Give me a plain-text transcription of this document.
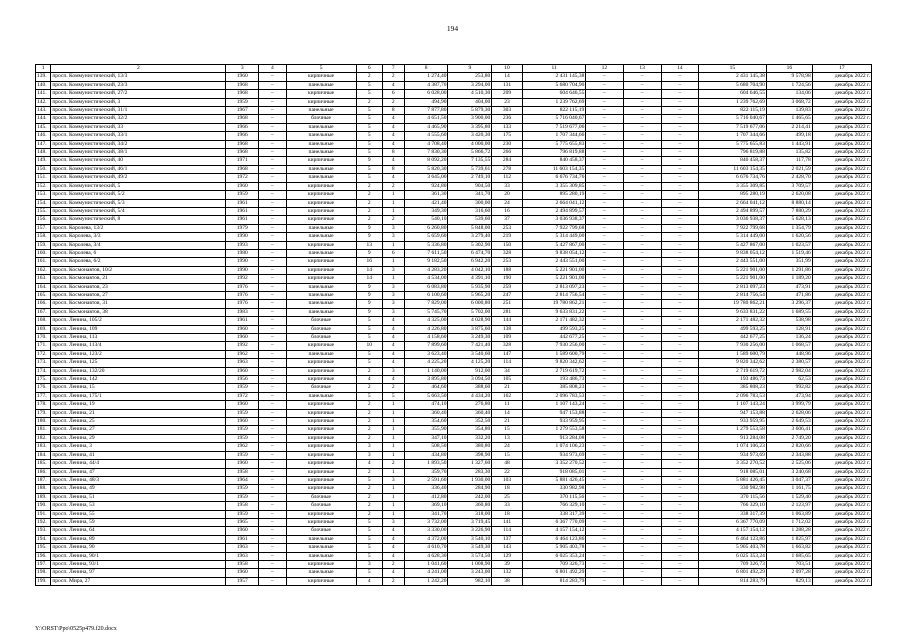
194
1	2	3	4	5	6	7	8	9	10	11	12	13	14	15	16	17
139.	просп. Коммунистический, 13/3	1960	–	кирпичные	2	2	1 274,40	253,80	14	2 431 145,38	–	–	–	2 431 145,38	9 578,98	декабрь 2022 г.
140.	просп. Коммунистический, 23/3	1968	–	панельные	5	4	4 387,70	3 294,00	131	5 680 704,90	–	–	–	5 680 704,90	1 724,56	декабрь 2022 г.
141.	просп. Коммунистический, 27/2	1968	–	кирпичные	5	6	6 028,00	4 510,30	209	604 646,55	–	–	–	604 646,55	134,06	декабрь 2022 г.
142.	просп. Коммунистический, 3	1959	–	кирпичные	2	2	494,90	404,00	23	1 239 762,69	–	–	–	1 239 762,69	3 068,72	декабрь 2022 г.
143.	просп. Коммунистический, 31/1	1967	–	панельные	5	8	7 877,80	5 879,30	303	822 115,19	–	–	–	822 115,19	139,83	декабрь 2022 г.
144.	просп. Коммунистический, 32/2	1968	–	блочные	5	4	4 651,50	3 900,00	236	5 716 040,67	–	–	–	5 716 040,67	1 465,65	декабрь 2022 г.
145.	просп. Коммунистический, 33	1966	–	панельные	5	4	4 465,90	3 395,80	133	7 519 677,06	–	–	–	7 519 677,06	2 214,41	декабрь 2022 г.
146.	просп. Коммунистический, 33/1	1966	–	панельные	5	4	4 555,60	3 420,30	175	1 707 344,66	–	–	–	1 707 344,66	499,18	декабрь 2022 г.
147.	просп. Коммунистический, 34/2	1968	–	панельные	5	4	4 708,40	4 000,00	230	5 775 655,83	–	–	–	5 775 655,83	1 443,91	декабрь 2022 г.
148.	просп. Коммунистический, 38/1	1968	–	панельные	5	8	7 830,30	5 866,72	266	796 819,88	–	–	–	796 819,88	135,82	декабрь 2022 г.
149.	просп. Коммунистический, 40	1971	–	кирпичные	9	4	8 092,20	7 135,55	284	840 458,37	–	–	–	840 458,37	117,78	декабрь 2022 г.
150.	просп. Коммунистический, 46/1	1968	–	панельные	5	8	5 820,30	5 739,61	278	11 603 154,35	–	–	–	11 603 154,35	2 021,59	декабрь 2022 г.
151.	просп. Коммунистический, 49/2	1972	–	панельные	5	4	3 645,00	2 749,10	112	6 676 734,76	–	–	–	6 676 734,76	2 428,70	декабрь 2022 г.
152.	просп. Коммунистический, 5	1960	–	кирпичные	2	2	924,80	904,50	33	3 355 309,85	–	–	–	3 355 309,85	3 709,57	декабрь 2022 г.
153.	просп. Коммунистический, 5/2	1959	–	кирпичные	2	1	361,30	341,70	20	895 280,19	–	–	–	895 280,19	2 620,08	декабрь 2022 г.
154.	просп. Коммунистический, 5/3	1961	–	кирпичные	2	1	421,40	300,00	24	2 664 041,12	–	–	–	2 664 041,12	8 880,14	декабрь 2022 г.
155.	просп. Коммунистический, 5/4	1961	–	кирпичные	2	1	349,30	316,60	16	2 494 899,57	–	–	–	2 494 899,57	7 880,29	декабрь 2022 г.
156.	просп. Коммунистический, 8	1961	–	кирпичные	2	2	540,10	539,60	37	3 036 938,37	–	–	–	3 036 938,37	5 628,13	декабрь 2022 г.
157.	просп. Королева, 13/2	1979	–	панельные	9	3	6 260,80	5 848,00	253	7 922 799,68	–	–	–	7 922 799,68	1 354,79	декабрь 2022 г.
158.	просп. Королева, 3/3	1990	–	панельные	9	3	5 659,60	3 279,40	219	5 314 449,00	–	–	–	5 314 449,00	1 620,56	декабрь 2022 г.
159.	просп. Королева, 3/4	1993	–	кирпичные	13	1	5 336,80	5 302,90	150	5 427 867,00	–	–	–	5 427 867,00	1 023,57	декабрь 2022 г.
160.	просп. Королева, 6	1980	–	панельные	9	6	7 611,50	6 474,70	328	9 838 054,12	–	–	–	9 838 054,12	1 519,46	декабрь 2022 г.
161.	просп. Королева, 6/2	1990	–	кирпичные	16	1	9 182,50	6 942,20	253	2 443 551,00	–	–	–	2 443 551,00	351,99	декабрь 2022 г.
162.	просп. Космонавтов, 10/2	1990	–	кирпичные	14	3	4 283,20	4 042,10	188	5 221 901,00	–	–	–	5 221 901,00	1 291,86	декабрь 2022 г.
163.	просп. Космонавтов, 21	1992	–	кирпичные	14	1	4 534,00	4 391,10	190	5 221 901,00	–	–	–	5 221 901,00	1 189,20	декабрь 2022 г.
164.	просп. Космонавтов, 23	1976	–	панельные	9	3	6 083,80	5 935,90	259	2 813 097,23	–	–	–	2 813 097,23	473,91	декабрь 2022 г.
165.	просп. Космонавтов, 27	1976	–	панельные	9	3	6 100,60	5 965,20	247	2 814 756,54	–	–	–	2 814 756,54	471,86	декабрь 2022 г.
166.	просп. Космонавтов, 31	1976	–	панельные	9	3	7 829,00	6 000,80	251	19 780 862,21	–	–	–	19 780 862,21	3 296,37	декабрь 2022 г.
167.	просп. Космонавтов, 38	1983	–	панельные	9	3	5 745,70	5 702,00	281	9 633 831,22	–	–	–	9 633 831,22	1 689,55	декабрь 2022 г.
168.	просп. Ленина, 105/2	1961	–	блочные	5	4	4 325,00	4 028,90	144	2 171 482,32	–	–	–	2 171 482,32	538,98	декабрь 2022 г.
169.	просп. Ленина, 109	1960	–	блочные	5	4	4 226,80	3 875,60	138	499 593,25	–	–	–	499 593,25	128,91	декабрь 2022 г.
170.	просп. Ленина, 113	1960	–	блочные	5	4	4 158,60	3 249,30	109	442 677,25	–	–	–	442 677,25	136,24	декабрь 2022 г.
171.	просп. Ленина, 113/4	1992	–	кирпичные	10	4	7 899,60	7 421,40	328	7 930 256,00	–	–	–	7 930 256,00	1 068,57	декабрь 2022 г.
172.	просп. Ленина, 123/2	1962	–	панельные	5	4	3 623,40	3 540,60	147	1 589 600,79	–	–	–	1 589 600,79	448,96	декабрь 2022 г.
173.	просп. Ленина, 125	1963	–	кирпичные	5	4	4 225,20	4 125,20	114	9 820 342,62	–	–	–	9 820 342,62	2 380,57	декабрь 2022 г.
174.	просп. Ленина, 132/20	1960	–	кирпичные	2	3	1 140,00	912,00	34	2 719 619,72	–	–	–	2 719 619,72	2 982,04	декабрь 2022 г.
175.	просп. Ленина, 142	1956	–	кирпичные	4	4	3 895,80	3 094,50	105	193 486,73	–	–	–	193 486,73	62,53	декабрь 2022 г.
176.	просп. Ленина, 15	1959	–	блочные	2	2	464,60	388,60	21	385 808,23	–	–	–	385 808,23	992,82	декабрь 2022 г.
177.	просп. Ленина, 175/1	1972	–	панельные	5	5	5 663,50	4 434,20	162	2 096 783,53	–	–	–	2 096 783,53	473,94	декабрь 2022 г.
178.	просп. Ленина, 19	1960	–	кирпичные	2	1	474,10	276,80	11	1 107 143,24	–	–	–	1 107 143,24	3 999,79	декабрь 2022 г.
179.	просп. Ленина, 21	1959	–	кирпичные	2	1	360,40	360,40	14	947 153,88	–	–	–	947 153,88	2 628,06	декабрь 2022 г.
180.	просп. Ленина, 25	1960	–	кирпичные	2	1	354,60	352,50	21	933 959,95	–	–	–	933 959,95	2 649,53	декабрь 2022 г.
181.	просп. Ленина, 27	1959	–	кирпичные	2	1	355,90	354,80	15	1 279 553,58	–	–	–	1 279 553,58	3 606,41	декабрь 2022 г.
182.	просп. Ленина, 29	1959	–	кирпичные	2	1	347,10	332,20	13	913 284,08	–	–	–	913 284,08	2 749,20	декабрь 2022 г.
183.	просп. Ленина, 3	1962	–	кирпичные	3	1	508,50	380,80	24	1 074 106,23	–	–	–	1 074 106,23	2 820,66	декабрь 2022 г.
184.	просп. Ленина, 41	1959	–	кирпичные	3	1	434,80	398,90	15	934 973,69	–	–	–	934 973,69	2 343,88	декабрь 2022 г.
185.	просп. Ленина, 44/4	1960	–	кирпичные	4	2	1 893,50	1 327,60	48	3 352 270,52	–	–	–	3 352 270,52	2 525,06	декабрь 2022 г.
186.	просп. Ленина, 47	1958	–	кирпичные	2	1	359,70	283,30	22	918 085,01	–	–	–	918 085,01	3 240,68	декабрь 2022 г.
187.	просп. Ленина, 48/3	1964	–	кирпичные	5	3	2 591,60	1 930,00	103	5 881 426,45	–	–	–	5 881 426,45	3 047,37	декабрь 2022 г.
188.	просп. Ленина, 49	1959	–	кирпичные	2	1	336,40	284,90	18	330 982,98	–	–	–	330 982,98	1 161,75	декабрь 2022 г.
189.	просп. Ленина, 51	1959	–	блочные	2	1	412,80	242,00	25	370 115,56	–	–	–	370 115,56	1 529,40	декабрь 2022 г.
190.	просп. Ленина, 53	1958	–	блочные	2	1	369,10	360,80	33	766 329,10	–	–	–	766 329,10	2 123,97	декабрь 2022 г.
191.	просп. Ленина, 55	1959	–	кирпичные	2	1	341,70	318,00	18	338 317,39	–	–	–	338 317,39	1 063,89	декабрь 2022 г.
192.	просп. Ленина, 59	1965	–	кирпичные	5	3	3 732,00	3 719,45	141	6 367 770,09	–	–	–	6 367 770,09	1 712,02	декабрь 2022 г.
193.	просп. Ленина, 64	1960	–	блочные	5	4	3 330,00	3 226,90	114	4 157 154,12	–	–	–	4 157 154,12	1 288,28	декабрь 2022 г.
194.	просп. Ленина, 89	1961	–	панельные	5	4	4 372,00	3 540,10	137	6 464 123,86	–	–	–	6 464 123,86	1 825,97	декабрь 2022 г.
195.	просп. Ленина, 90	1963	–	панельные	5	4	4 610,70	3 549,30	143	5 905 403,78	–	–	–	5 905 403,78	1 663,82	декабрь 2022 г.
196.	просп. Ленина, 90/1	1963	–	панельные	5	4	4 628,30	3 574,50	129	6 025 353,24	–	–	–	6 025 353,24	1 685,65	декабрь 2022 г.
197.	просп. Ленина, 93/1	1958	–	кирпичные	3	2	1 041,60	1 008,90	39	709 326,73	–	–	–	709 326,73	703,51	декабрь 2022 г.
198.	просп. Ленина, 97	1960	–	панельные	5	4	4 241,00	3 243,00	132	6 801 492,29	–	–	–	6 801 492,29	2 097,28	декабрь 2022 г.
199.	просп. Мира, 27	1957	–	кирпичные	4	2	1 242,20	982,10	38	814 283,79	–	–	–	814 283,79	829,13	декабрь 2022 г.
Y:\ORST\Ppo\0525p479.f20.docx
